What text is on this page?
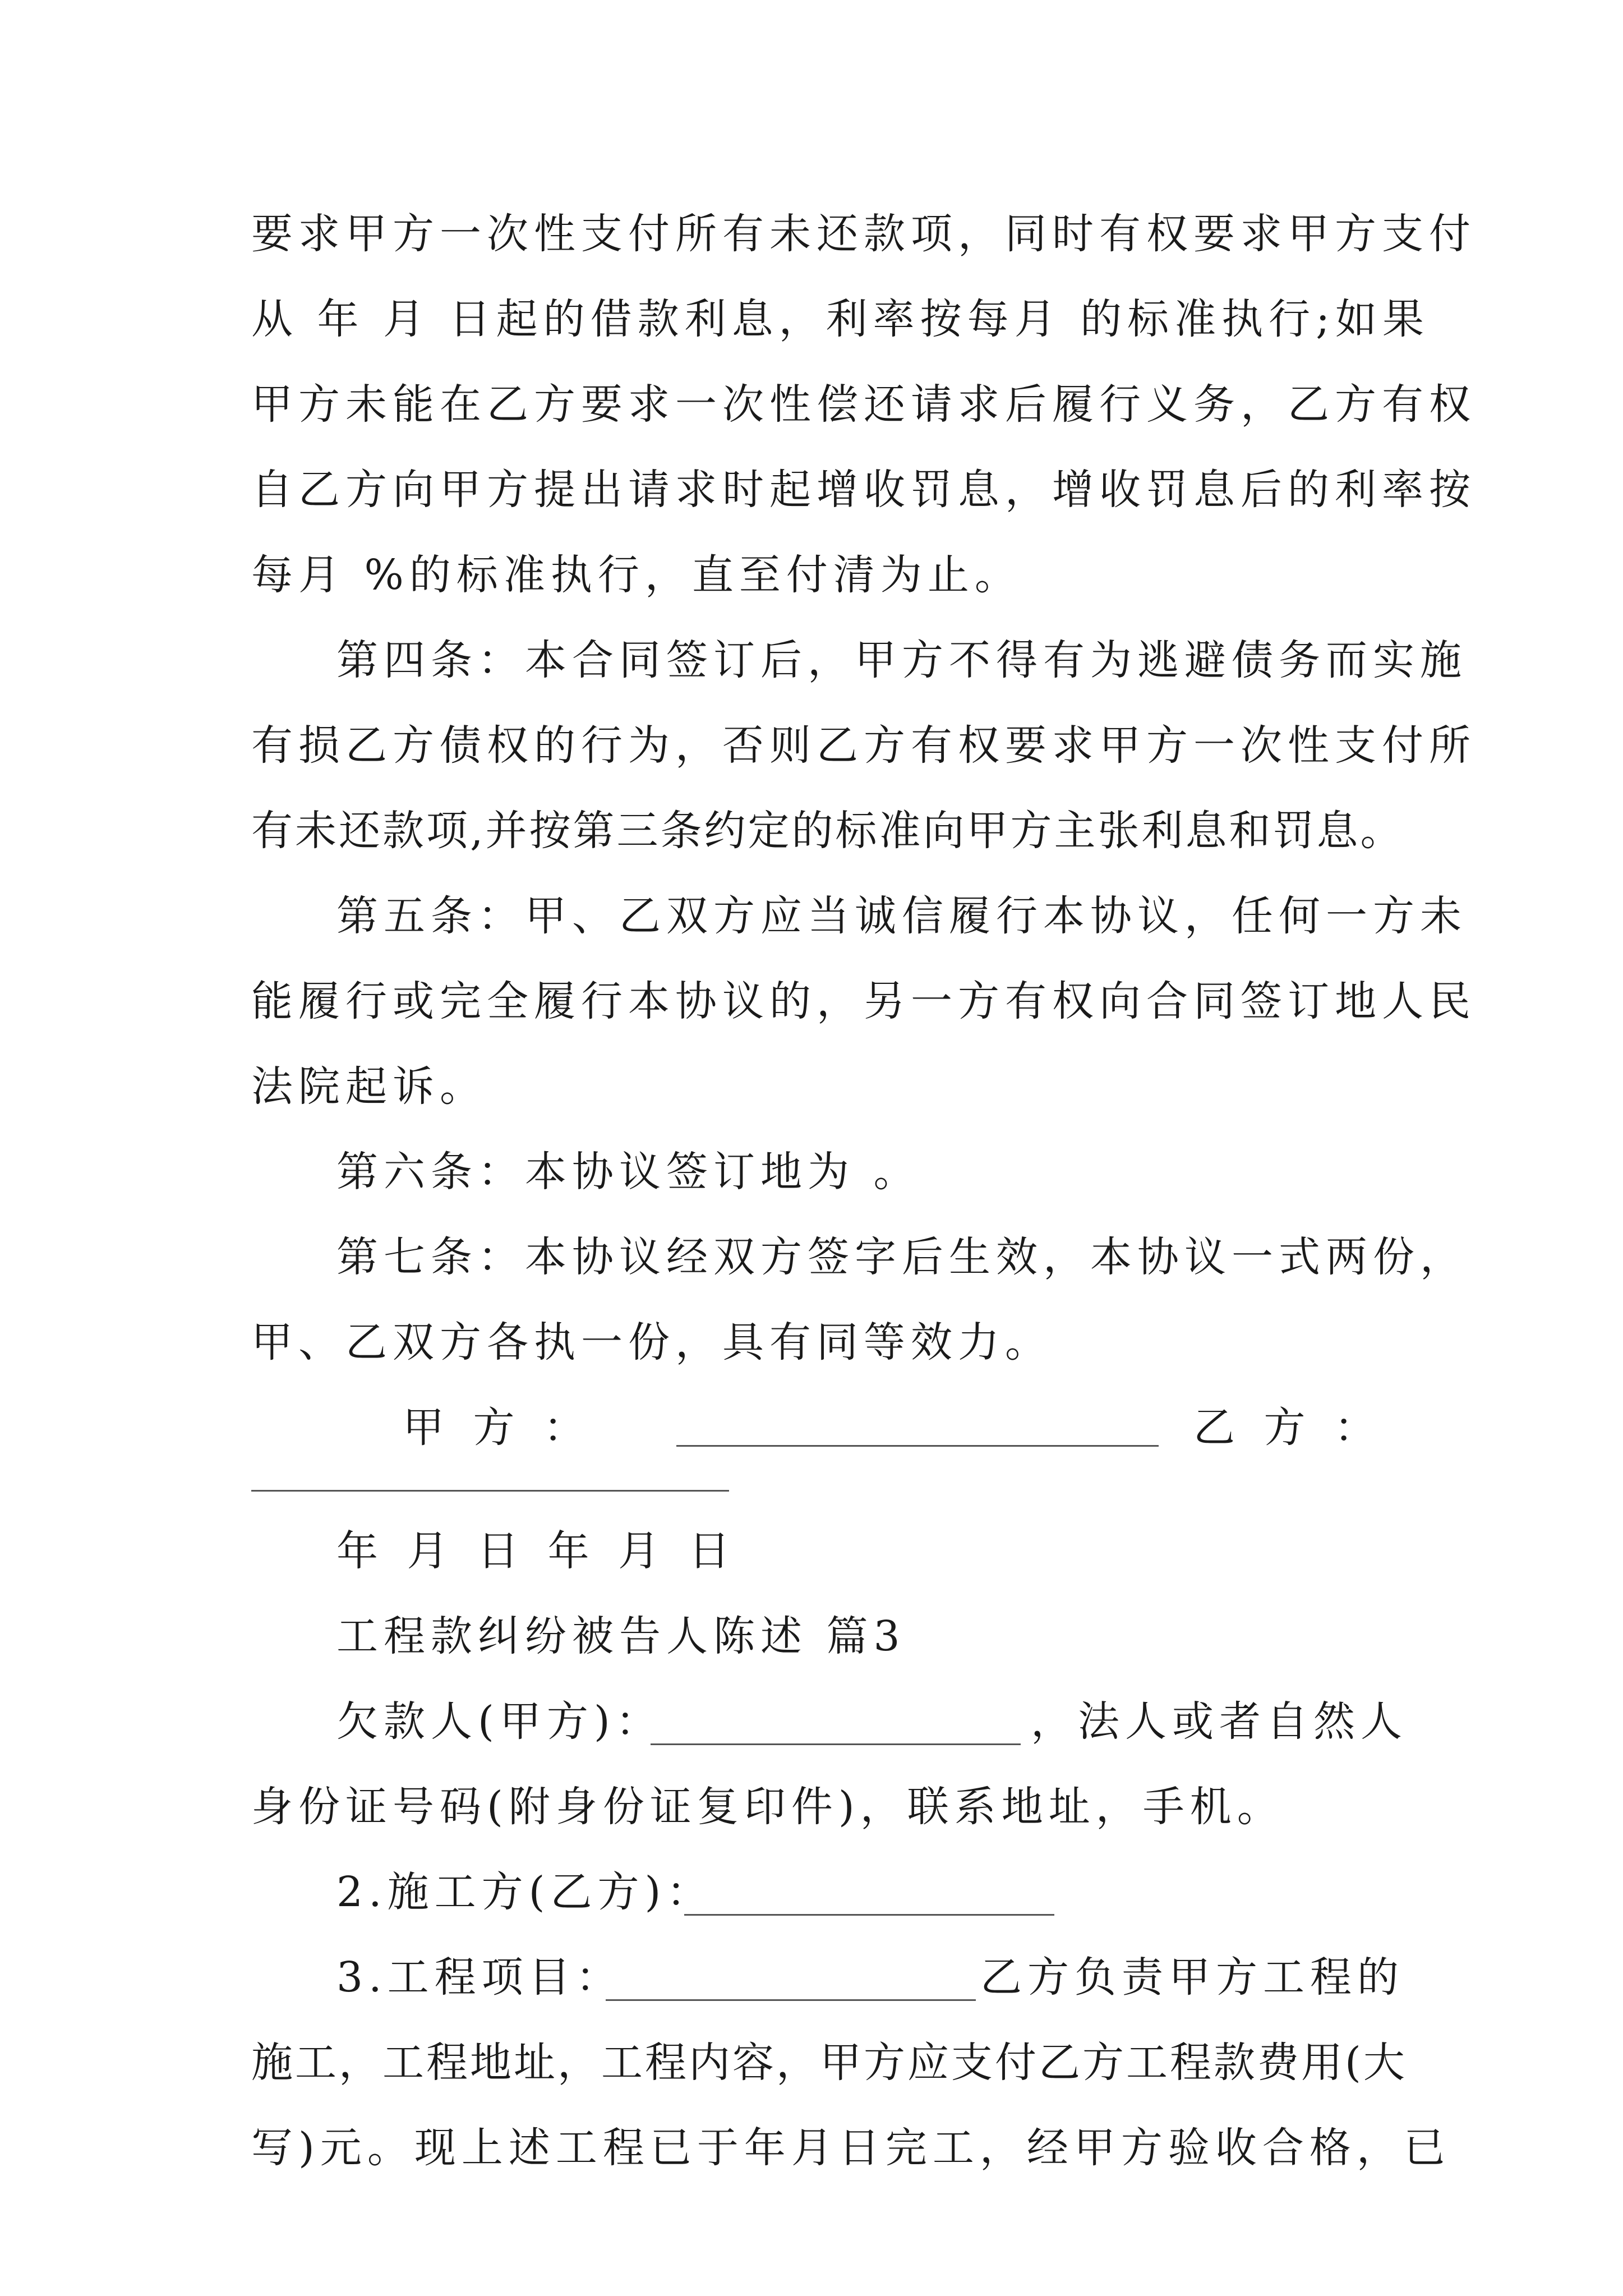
要求甲方一次性支付所有未还款项，同时有权要求甲方支付
从 年 月 日起的借款利息，利率按每月 的标准执行;如果
甲方未能在乙方要求一次性偿还请求后履行义务，乙方有权
自乙方向甲方提出请求时起增收罚息，增收罚息后的利率按
每月 %的标准执行，直至付清为止。
第四条：本合同签订后，甲方不得有为逃避债务而实施
有损乙方债权的行为，否则乙方有权要求甲方一次性支付所
有未还款项,并按第三条约定的标准向甲方主张利息和罚息。
第五条：甲、乙双方应当诚信履行本协议，任何一方未
能履行或完全履行本协议的，另一方有权向合同签订地人民
法院起诉。
第六条：本协议签订地为 。
第七条：本协议经双方签字后生效，本协议一式两份，
甲、乙双方各执一份，具有同等效力。
甲 方 ：	乙 方 ：
年 月 日 年 月 日
工程款纠纷被告人陈述 篇3
欠款人(甲方)：	，法人或者自然人
身份证号码(附身份证复印件)，联系地址，手机。
2.施工方(乙方)：
3.工程项目：	乙方负责甲方工程的
施工，工程地址，工程内容，甲方应支付乙方工程款费用(大
写)元。现上述工程已于年月日完工，经甲方验收合格，已
